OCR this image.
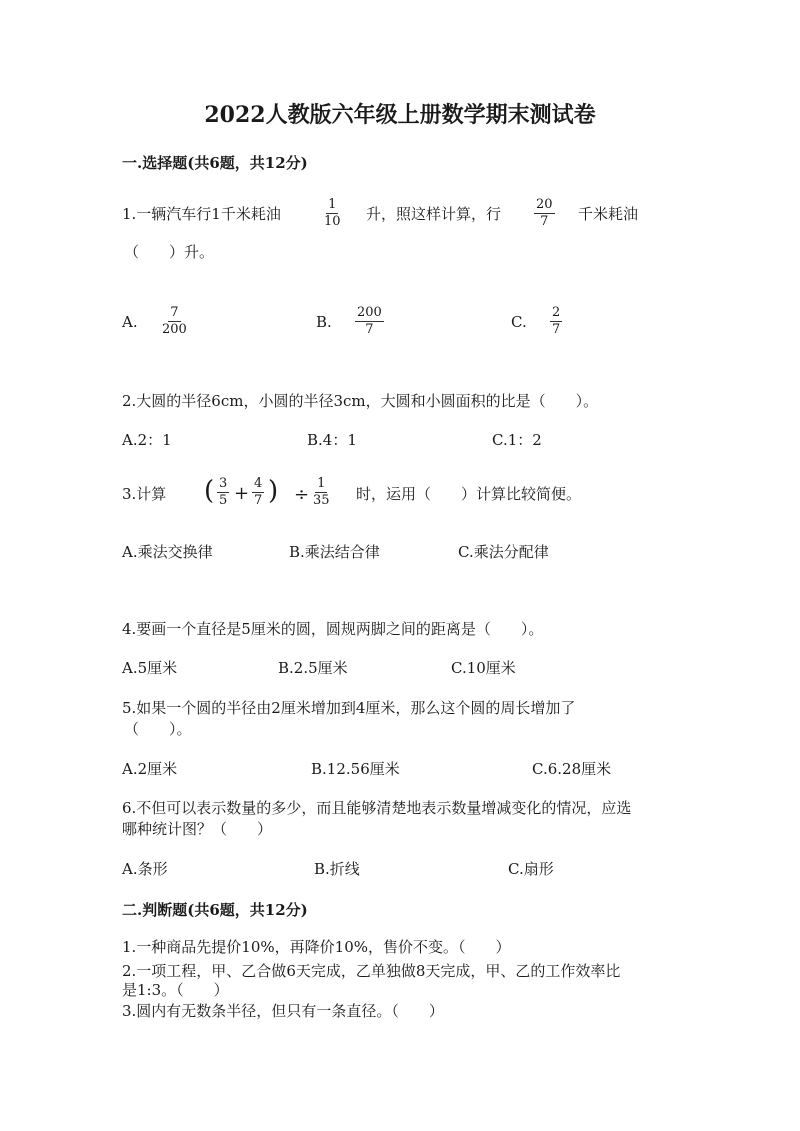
2022人教版六年级上册数学期末测试卷
一.选择题(共6题，共12分)
1.一辆汽车行1千米耗油	$\frac{1}{10}$ 升，照这样计算，行	$\frac{20}{7}$ 千米耗油
（　　）升。
A. $\frac{7}{200}$	B. $\frac{200}{7}$	C. $\frac{2}{7}$
2.大圆的半径6cm，小圆的半径3cm，大圆和小圆面积的比是（　　）。
A.2：1	B.4：1	C.1：2
3.计算 ( $\frac{3}{5} + \frac{4}{7}$ ) ÷ $\frac{1}{35}$ 时，运用（　　）计算比较简便。
A.乘法交换律	B.乘法结合律	C.乘法分配律
4.要画一个直径是5厘米的圆，圆规两脚之间的距离是（　　）。
A.5厘米	B.2.5厘米	C.10厘米
5.如果一个圆的半径由2厘米增加到4厘米，那么这个圆的周长增加了
（　　）。
A.2厘米	B.12.56厘米	C.6.28厘米
6.不但可以表示数量的多少，而且能够清楚地表示数量增减变化的情况，应选
哪种统计图？（　　）
A.条形	B.折线	C.扇形
二.判断题(共6题，共12分)
1.一种商品先提价10%，再降价10%，售价不变。（　　）
2.一项工程，甲、乙合做6天完成，乙单独做8天完成，甲、乙的工作效率比
是1:3。（　　）
3.圆内有无数条半径，但只有一条直径。（　　）
